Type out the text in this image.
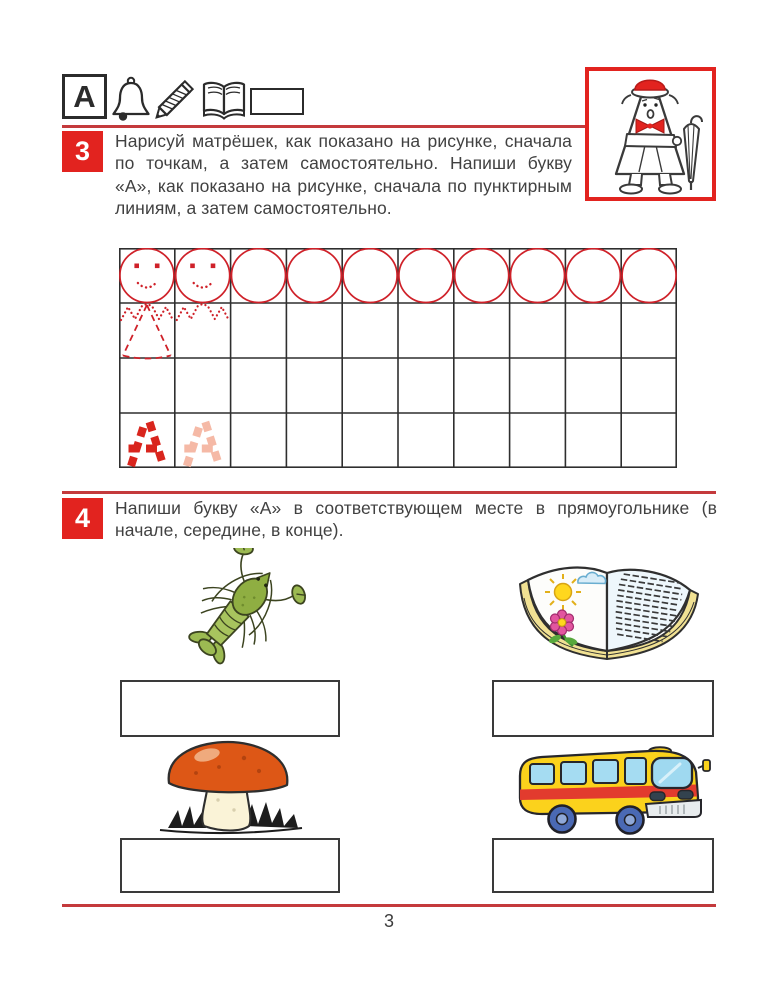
А
3 Нарисуй матрёшек, как показано на рисунке, сначала по точкам, а затем самостоятельно. Напиши букву «А», как показано на рисунке, сначала по пунктирным линиям, а затем самостоятельно.
4 Напиши букву «А» в соответствующем месте в прямоугольнике (в начале, середине, в конце).
3
